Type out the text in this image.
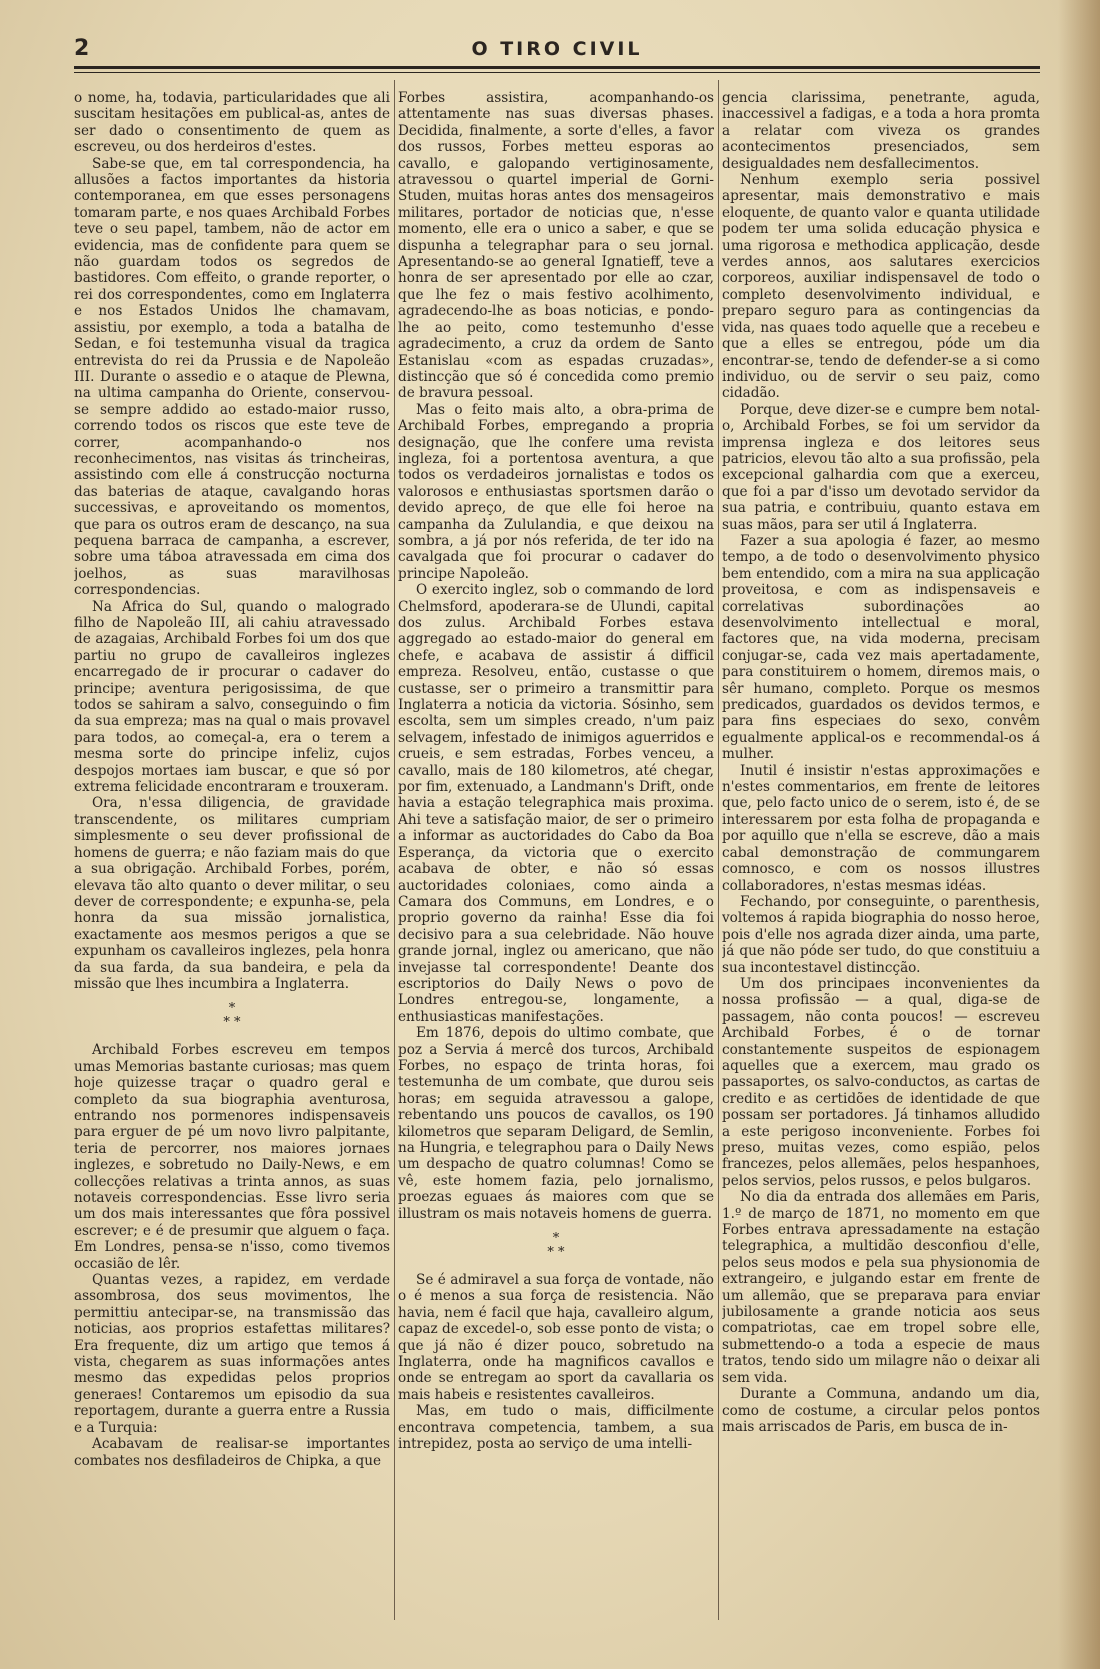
2	O TIRO CIVIL

o nome, ha, todavia, particularidades que ali suscitam hesitações em publical-as, antes de ser dado o consentimento de quem as escreveu, ou dos herdeiros d'estes.

Sabe-se que, em tal correspondencia, ha allusões a factos importantes da historia contemporanea, em que esses personagens tomaram parte, e nos quaes Archibald Forbes teve o seu papel, tambem, não de actor em evidencia, mas de confidente para quem se não guardam todos os segredos de bastidores. Com effeito, o grande reporter, o rei dos correspondentes, como em Inglaterra e nos Estados Unidos lhe chamavam, assistiu, por exemplo, a toda a batalha de Sedan, e foi testemunha visual da tragica entrevista do rei da Prussia e de Napoleão III. Durante o assedio e o ataque de Plewna, na ultima campanha do Oriente, conservou-se sempre addido ao estado-maior russo, correndo todos os riscos que este teve de correr, acompanhando-o nos reconhecimentos, nas visitas ás trincheiras, assistindo com elle á construcção nocturna das baterias de ataque, cavalgando horas successivas, e aproveitando os momentos, que para os outros eram de descanço, na sua pequena barraca de campanha, a escrever, sobre uma táboa atravessada em cima dos joelhos, as suas maravilhosas correspondencias.

Na Africa do Sul, quando o malogrado filho de Napoleão III, ali cahiu atravessado de azagaias, Archibald Forbes foi um dos que partiu no grupo de cavalleiros inglezes encarregado de ir procurar o cadaver do principe; aventura perigosissima, de que todos se sahiram a salvo, conseguindo o fim da sua empreza; mas na qual o mais provavel para todos, ao começal-a, era o terem a mesma sorte do principe infeliz, cujos despojos mortaes iam buscar, e que só por extrema felicidade encontraram e trouxeram.

Ora, n'essa diligencia, de gravidade transcendente, os militares cumpriam simplesmente o seu dever profissional de homens de guerra; e não faziam mais do que a sua obrigação. Archibald Forbes, porém, elevava tão alto quanto o dever militar, o seu dever de correspondente; e expunha-se, pela honra da sua missão jornalistica, exactamente aos mesmos perigos a que se expunham os cavalleiros inglezes, pela honra da sua farda, da sua bandeira, e pela da missão que lhes incumbira a Inglaterra.

*
* *

Archibald Forbes escreveu em tempos umas Memorias bastante curiosas; mas quem hoje quizesse traçar o quadro geral e completo da sua biographia aventurosa, entrando nos pormenores indispensaveis para erguer de pé um novo livro palpitante, teria de percorrer, nos maiores jornaes inglezes, e sobretudo no Daily-News, e em collecções relativas a trinta annos, as suas notaveis correspondencias. Esse livro seria um dos mais interessantes que fôra possivel escrever; e é de presumir que alguem o faça. Em Londres, pensa-se n'isso, como tivemos occasião de lêr.

Quantas vezes, a rapidez, em verdade assombrosa, dos seus movimentos, lhe permittiu antecipar-se, na transmissão das noticias, aos proprios estafettas militares? Era frequente, diz um artigo que temos á vista, chegarem as suas informações antes mesmo das expedidas pelos proprios generaes! Contaremos um episodio da sua reportagem, durante a guerra entre a Russia e a Turquia:

Acabavam de realisar-se importantes combates nos desfiladeiros de Chipka, a que

Forbes assistira, acompanhando-os attentamente nas suas diversas phases. Decidida, finalmente, a sorte d'elles, a favor dos russos, Forbes metteu esporas ao cavallo, e galopando vertiginosamente, atravessou o quartel imperial de Gorni-Studen, muitas horas antes dos mensageiros militares, portador de noticias que, n'esse momento, elle era o unico a saber, e que se dispunha a telegraphar para o seu jornal. Apresentando-se ao general Ignatieff, teve a honra de ser apresentado por elle ao czar, que lhe fez o mais festivo acolhimento, agradecendo-lhe as boas noticias, e pondo-lhe ao peito, como testemunho d'esse agradecimento, a cruz da ordem de Santo Estanislau «com as espadas cruzadas», distincção que só é concedida como premio de bravura pessoal.

Mas o feito mais alto, a obra-prima de Archibald Forbes, empregando a propria designação, que lhe confere uma revista ingleza, foi a portentosa aventura, a que todos os verdadeiros jornalistas e todos os valorosos e enthusiastas sportsmen darão o devido apreço, de que elle foi heroe na campanha da Zululandia, e que deixou na sombra, a já por nós referida, de ter ido na cavalgada que foi procurar o cadaver do principe Napoleão.

O exercito inglez, sob o commando de lord Chelmsford, apoderara-se de Ulundi, capital dos zulus. Archibald Forbes estava aggregado ao estado-maior do general em chefe, e acabava de assistir á difficil empreza. Resolveu, então, custasse o que custasse, ser o primeiro a transmittir para Inglaterra a noticia da victoria. Sósinho, sem escolta, sem um simples creado, n'um paiz selvagem, infestado de inimigos aguerridos e crueis, e sem estradas, Forbes venceu, a cavallo, mais de 180 kilometros, até chegar, por fim, extenuado, a Landmann's Drift, onde havia a estação telegraphica mais proxima. Ahi teve a satisfação maior, de ser o primeiro a informar as auctoridades do Cabo da Boa Esperança, da victoria que o exercito acabava de obter, e não só essas auctoridades coloniaes, como ainda a Camara dos Communs, em Londres, e o proprio governo da rainha! Esse dia foi decisivo para a sua celebridade. Não houve grande jornal, inglez ou americano, que não invejasse tal correspondente! Deante dos escriptorios do Daily News o povo de Londres entregou-se, longamente, a enthusiasticas manifestações.

Em 1876, depois do ultimo combate, que poz a Servia á mercê dos turcos, Archibald Forbes, no espaço de trinta horas, foi testemunha de um combate, que durou seis horas; em seguida atravessou a galope, rebentando uns poucos de cavallos, os 190 kilometros que separam Deligard, de Semlin, na Hungria, e telegraphou para o Daily News um despacho de quatro columnas! Como se vê, este homem fazia, pelo jornalismo, proezas eguaes ás maiores com que se illustram os mais notaveis homens de guerra.

*
* *

Se é admiravel a sua força de vontade, não o é menos a sua força de resistencia. Não havia, nem é facil que haja, cavalleiro algum, capaz de excedel-o, sob esse ponto de vista; o que já não é dizer pouco, sobretudo na Inglaterra, onde ha magnificos cavallos e onde se entregam ao sport da cavallaria os mais habeis e resistentes cavalleiros.

Mas, em tudo o mais, difficilmente encontrava competencia, tambem, a sua intrepidez, posta ao serviço de uma intelli-

gencia clarissima, penetrante, aguda, inaccessivel a fadigas, e a toda a hora promta a relatar com viveza os grandes acontecimentos presenciados, sem desigualdades nem desfallecimentos.

Nenhum exemplo seria possivel apresentar, mais demonstrativo e mais eloquente, de quanto valor e quanta utilidade podem ter uma solida educação physica e uma rigorosa e methodica applicação, desde verdes annos, aos salutares exercicios corporeos, auxiliar indispensavel de todo o completo desenvolvimento individual, e preparo seguro para as contingencias da vida, nas quaes todo aquelle que a recebeu e que a elles se entregou, póde um dia encontrar-se, tendo de defender-se a si como individuo, ou de servir o seu paiz, como cidadão.

Porque, deve dizer-se e cumpre bem notal-o, Archibald Forbes, se foi um servidor da imprensa ingleza e dos leitores seus patricios, elevou tão alto a sua profissão, pela excepcional galhardia com que a exerceu, que foi a par d'isso um devotado servidor da sua patria, e contribuiu, quanto estava em suas mãos, para ser util á Inglaterra.

Fazer a sua apologia é fazer, ao mesmo tempo, a de todo o desenvolvimento physico bem entendido, com a mira na sua applicação proveitosa, e com as indispensaveis e correlativas subordinações ao desenvolvimento intellectual e moral, factores que, na vida moderna, precisam conjugar-se, cada vez mais apertadamente, para constituirem o homem, diremos mais, o sêr humano, completo. Porque os mesmos predicados, guardados os devidos termos, e para fins especiaes do sexo, convêm egualmente applical-os e recommendal-os á mulher.

Inutil é insistir n'estas approximações e n'estes commentarios, em frente de leitores que, pelo facto unico de o serem, isto é, de se interessarem por esta folha de propaganda e por aquillo que n'ella se escreve, dão a mais cabal demonstração de commungarem comnosco, e com os nossos illustres collaboradores, n'estas mesmas idéas.

Fechando, por conseguinte, o parenthesis, voltemos á rapida biographia do nosso heroe, pois d'elle nos agrada dizer ainda, uma parte, já que não póde ser tudo, do que constituiu a sua incontestavel distincção.

Um dos principaes inconvenientes da nossa profissão — a qual, diga-se de passagem, não conta poucos! — escreveu Archibald Forbes, é o de tornar constantemente suspeitos de espionagem aquelles que a exercem, mau grado os passaportes, os salvo-conductos, as cartas de credito e as certidões de identidade de que possam ser portadores. Já tinhamos alludido a este perigoso inconveniente. Forbes foi preso, muitas vezes, como espião, pelos francezes, pelos allemães, pelos hespanhoes, pelos servios, pelos russos, e pelos bulgaros.

No dia da entrada dos allemães em Paris, 1.º de março de 1871, no momento em que Forbes entrava apressadamente na estação telegraphica, a multidão desconfiou d'elle, pelos seus modos e pela sua physionomia de extrangeiro, e julgando estar em frente de um allemão, que se preparava para enviar jubilosamente a grande noticia aos seus compatriotas, cae em tropel sobre elle, submettendo-o a toda a especie de maus tratos, tendo sido um milagre não o deixar ali sem vida.

Durante a Communa, andando um dia, como de costume, a circular pelos pontos mais arriscados de Paris, em busca de in-
